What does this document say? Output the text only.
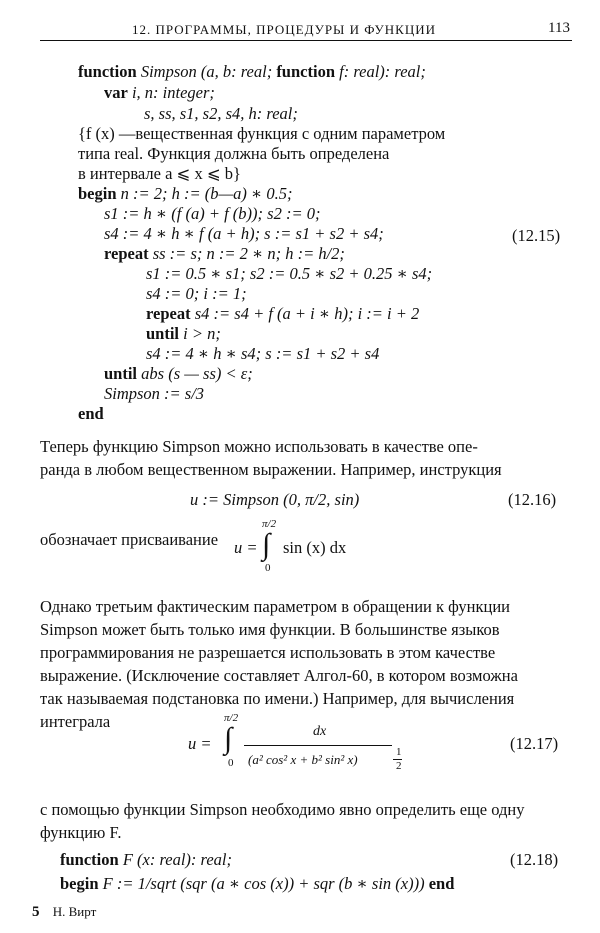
12. ПРОГРАММЫ, ПРОЦЕДУРЫ И ФУНКЦИИ	113
function Simpson (a, b: real; function f: real): real;
var i, n: integer;
s, ss, s1, s2, s4, h: real;
{f (x) —вещественная функция с одним параметром
типа real. Функция должна быть определена
в интервале a ⩽ x ⩽ b}
begin n := 2; h := (b—a) ∗ 0.5;
s1 := h ∗ (f (a) + f (b)); s2 := 0;
s4 := 4 ∗ h ∗ f (a + h); s := s1 + s2 + s4;
repeat ss := s; n := 2 ∗ n; h := h/2;
s1 := 0.5 ∗ s1; s2 := 0.5 ∗ s2 + 0.25 ∗ s4;
s4 := 0; i := 1;
repeat s4 := s4 + f (a + i ∗ h); i := i + 2
until i > n;
s4 := 4 ∗ h ∗ s4; s := s1 + s2 + s4
until abs (s — ss) < ε;
Simpson := s/3
end
(12.15)
Теперь функцию Simpson можно использовать в качестве опе-
ранда в любом вещественном выражении. Например, инструкция
u := Simpson (0, π/2, sin)	(12.16)
обозначает присваивание
π/2
u = ∫ sin (x) dx
0
Однако третьим фактическим параметром в обращении к функции
Simpson может быть только имя функции. В большинстве языков
программирования не разрешается использовать в этом качестве
выражение. (Исключение составляет Алгол-60, в котором возможна
так называемая подстановка по имени.) Например, для вычисления
интеграла
u =
π/2
∫
0
dx
(a² cos² x + b² sin² x)	1
2
(12.17)
с помощью функции Simpson необходимо явно определить еще одну
функцию F.
function F (x: real): real;
begin F := 1/sqrt (sqr (a ∗ cos (x)) + sqr (b ∗ sin (x))) end
(12.18)
5 Н. Вирт
